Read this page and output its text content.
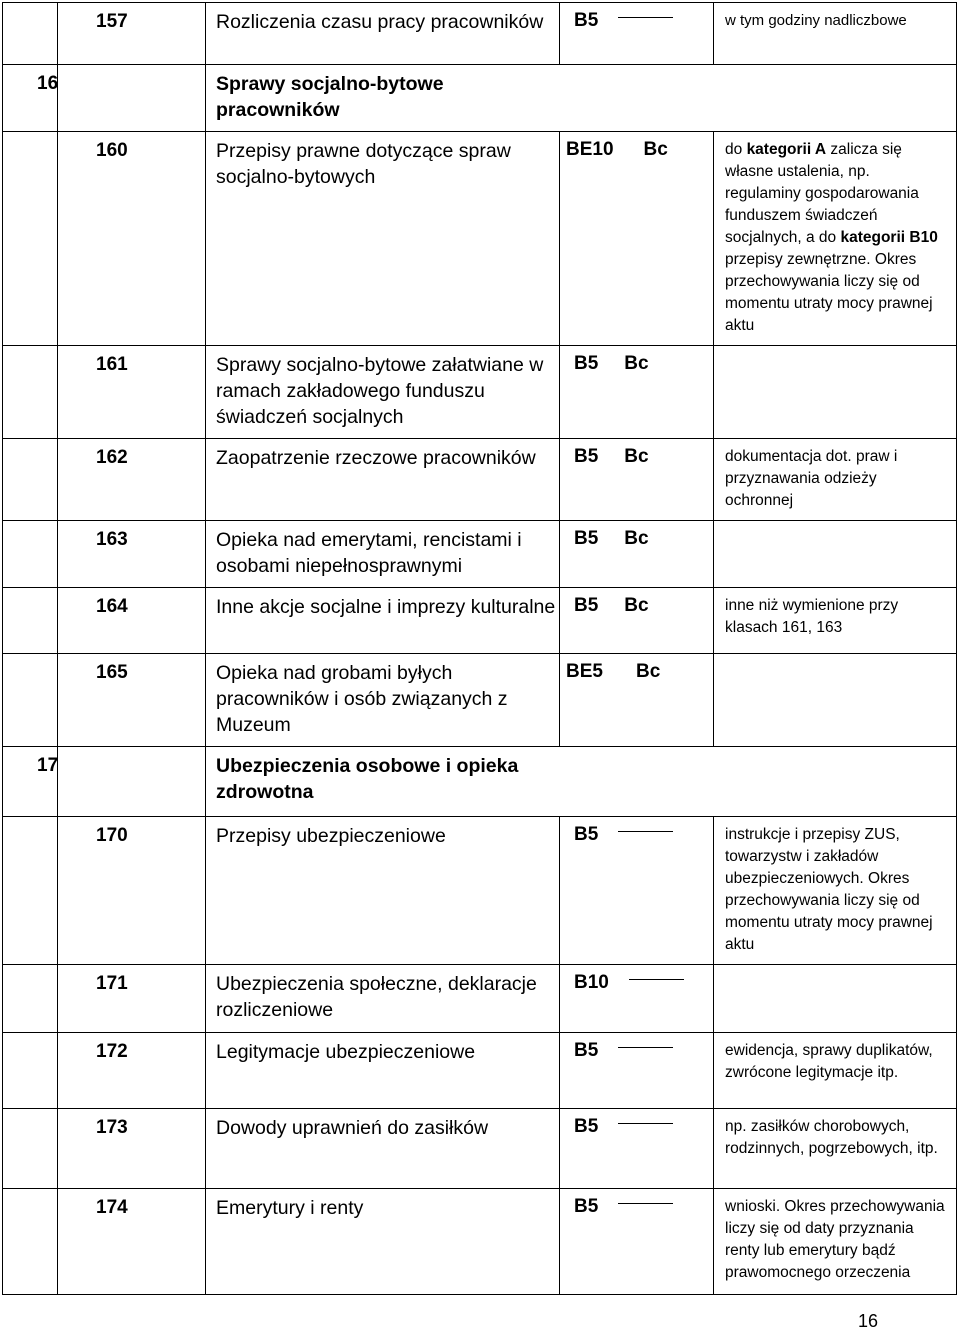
	157	Rozliczenia czasu pracy pracowników	B5	w tym godziny nadliczbowe

16		Sprawy socjalno-bytowe pracowników		

	160	Przepisy prawne dotyczące spraw socjalno-bytowych	BE10 Bc	do kategorii A zalicza się własne ustalenia, np. regulaminy gospodarowania funduszem świadczeń socjalnych, a do kategorii B10 przepisy zewnętrzne. Okres przechowywania liczy się od momentu utraty mocy prawnej aktu

	161	Sprawy socjalno-bytowe załatwiane w ramach zakładowego funduszu świadczeń socjalnych	B5 Bc	

	162	Zaopatrzenie rzeczowe pracowników	B5 Bc	dokumentacja dot. praw i przyznawania odzieży ochronnej

	163	Opieka nad emerytami, rencistami i osobami niepełnosprawnymi	B5 Bc	

	164	Inne akcje socjalne i imprezy kulturalne	B5 Bc	inne niż wymienione przy klasach 161, 163

	165	Opieka nad grobami byłych pracowników i osób związanych z Muzeum	BE5 Bc	

17		Ubezpieczenia osobowe i opieka zdrowotna		

	170	Przepisy ubezpieczeniowe	B5	instrukcje i przepisy ZUS, towarzystw i zakładów ubezpieczeniowych. Okres przechowywania liczy się od momentu utraty mocy prawnej aktu

	171	Ubezpieczenia społeczne, deklaracje rozliczeniowe	B10	

	172	Legitymacje ubezpieczeniowe	B5	ewidencja, sprawy duplikatów, zwrócone legitymacje itp.

	173	Dowody uprawnień do zasiłków	B5	np. zasiłków chorobowych, rodzinnych, pogrzebowych, itp.

	174	Emerytury i renty	B5	wnioski. Okres przechowywania liczy się od daty przyznania renty lub emerytury bądź prawomocnego orzeczenia
16
